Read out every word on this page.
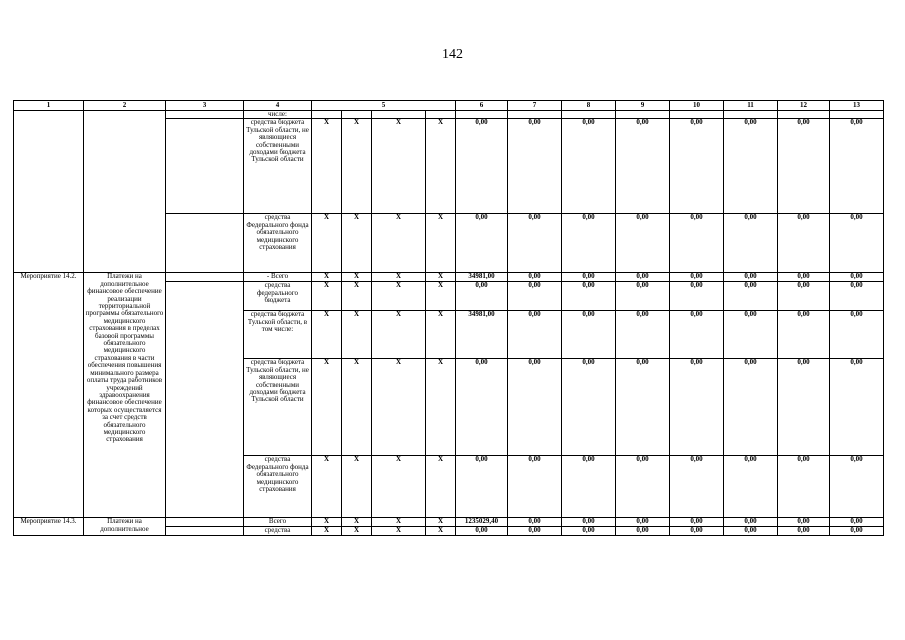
142
1	2	3	4	5				6	7	8	9	10	11	12	13
			числе:												
			средства бюджета Тульской области, не являющиеся собственными доходами бюджета Тульской области	X	X	X	X	0,00	0,00	0,00	0,00	0,00	0,00	0,00	0,00
			средства Федерального фонда обязательного медицинского страхования	X	X	X	X	0,00	0,00	0,00	0,00	0,00	0,00	0,00	0,00
Мероприятие 14.2.	Платежи на дополнительное финансовое обеспечение реализации территориальной программы обязательного медицинского страхования в пределах базовой программы обязательного медицинского страхования в части обеспечения повышения минимального размера оплаты труда работников учреждений здравоохранения финансовое обеспечение которых осуществляется за счет средств обязательного медицинского страхования		- Всего	X	X	X	X	34981,00	0,00	0,00	0,00	0,00	0,00	0,00	0,00
			средства федерального бюджета	X	X	X	X	0,00	0,00	0,00	0,00	0,00	0,00	0,00	0,00
			средства бюджета Тульской области, в том числе:	X	X	X	X	34981,00	0,00	0,00	0,00	0,00	0,00	0,00	0,00
			средства бюджета Тульской области, не являющиеся собственными доходами бюджета Тульской области	X	X	X	X	0,00	0,00	0,00	0,00	0,00	0,00	0,00	0,00
			средства Федерального фонда обязательного медицинского страхования	X	X	X	X	0,00	0,00	0,00	0,00	0,00	0,00	0,00	0,00
Мероприятие 14.3.	Платежи на дополнительное		Всего	X	X	X	X	1235029,40	0,00	0,00	0,00	0,00	0,00	0,00	0,00
			средства	X	X	X	X	0,00	0,00	0,00	0,00	0,00	0,00	0,00	0,00
